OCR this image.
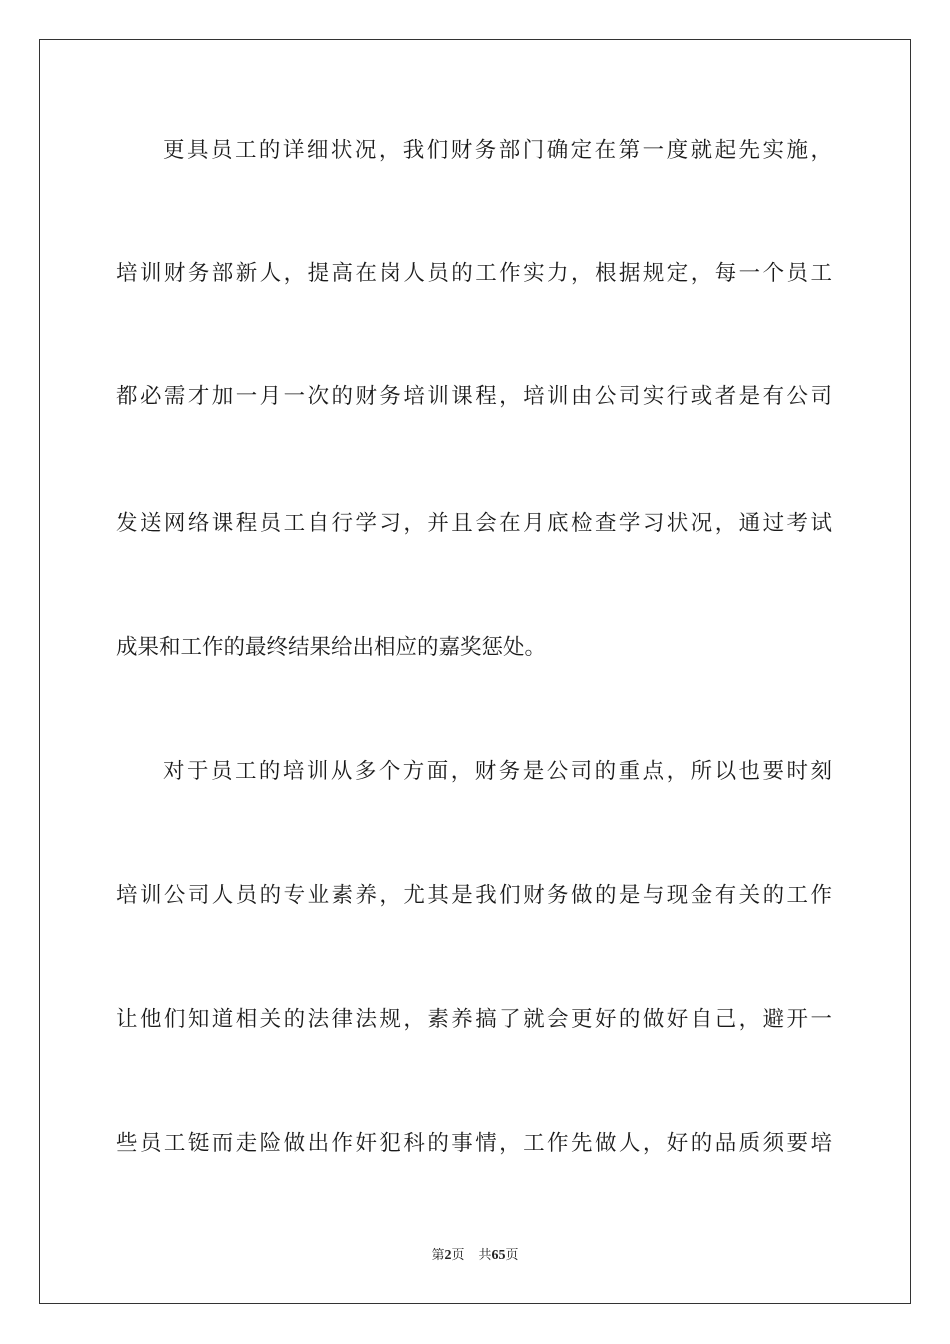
更具员工的详细状况，我们财务部门确定在第一度就起先实施，
培训财务部新人，提高在岗人员的工作实力，根据规定，每一个员工
都必需才加一月一次的财务培训课程，培训由公司实行或者是有公司
发送网络课程员工自行学习，并且会在月底检查学习状况，通过考试
成果和工作的最终结果给出相应的嘉奖惩处。
对于员工的培训从多个方面，财务是公司的重点，所以也要时刻
培训公司人员的专业素养，尤其是我们财务做的是与现金有关的工作
让他们知道相关的法律法规，素养搞了就会更好的做好自己，避开一
些员工铤而走险做出作奸犯科的事情，工作先做人，好的品质须要培
第2页 共65页
